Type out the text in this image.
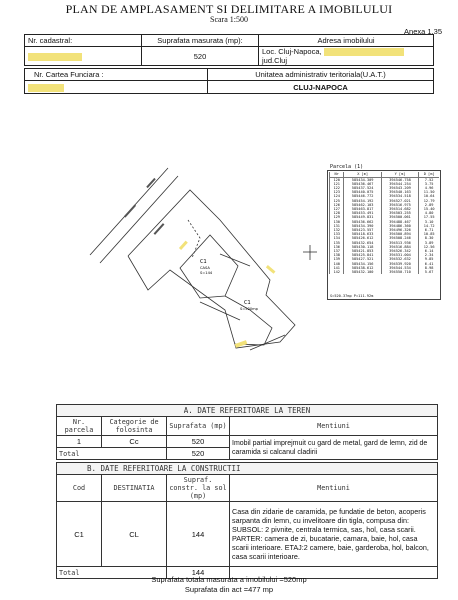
PLAN DE AMPLASAMENT SI DELIMITARE A IMOBILULUI
Scara 1:500
Anexa 1.35
Nr. cadastral:	Suprafata masurata (mp):	Adresa imobilului
	520	Loc. Cluj-Napoca,  jud.Cluj
Nr. Cartea Funciara :	Unitatea administrativ teritoriala(U.A.T.)
	CLUJ-NAPOCA
C1
CASA
S=144
C1
S=520mp
Parcela (1)
Nr	X [m]	Y [m]	D [m]
120	585434.309	394546.758	7.52
121	585436.467	394544.254	3.75
122	585437.524	394543.209	4.96
123	585440.075	394540.163	11.50
124	585446.772	394534.518	10.64
125	585454.192	394527.021	12.79
126	585462.103	394516.975	2.89
127	585463.817	394514.682	15.40
128	585453.491	394503.255	4.80
129	585449.831	394500.061	17.55
130	585436.662	394488.467	3.10
131	585434.390	394486.360	14.72
132	585423.557	394496.326	6.71
133	585418.633	394500.894	10.85
134	585426.612	394508.246	8.30
135	585432.654	394513.936	3.89
136	585430.118	394516.884	12.56
137	585421.853	394526.342	6.14
138	585425.841	394531.004	2.34
139	585427.521	394532.632	9.85
140	585434.156	394539.920	6.41
141	585438.612	394544.534	8.98
142	585432.100	394550.710	5.67
S=520.37mp P=111.92m
A. DATE REFERITOARE LA TEREN			
Nr. parcela	Categorie de folosinta	Suprafata (mp)	Mentiuni
1	Cc	520	Imobil partial imprejmuit cu gard de metal, gard de lemn, zid de caramida si calcanul cladirii
Total		520	
B. DATE REFERITOARE LA CONSTRUCTII			
Cod	DESTINATIA	Supraf. constr. la sol (mp)	Mentiuni
C1	CL	144	Casa din zidarie de caramida, pe fundatie de beton, acoperis sarpanta din lemn, cu invelitoare din tigla, compusa din: SUBSOL: 2 pivnite, centrala termica, sas, hol, casa scarii. PARTER: camera de zi, bucatarie, camara, baie, hol, casa scarii interioare. ETAJ:2 camere, baie, garderoba, hol, balcon, casa scarii interioare.
Total		144	
Suprafata totala masurata a imobilului =520mp
Suprafata din act =477 mp
